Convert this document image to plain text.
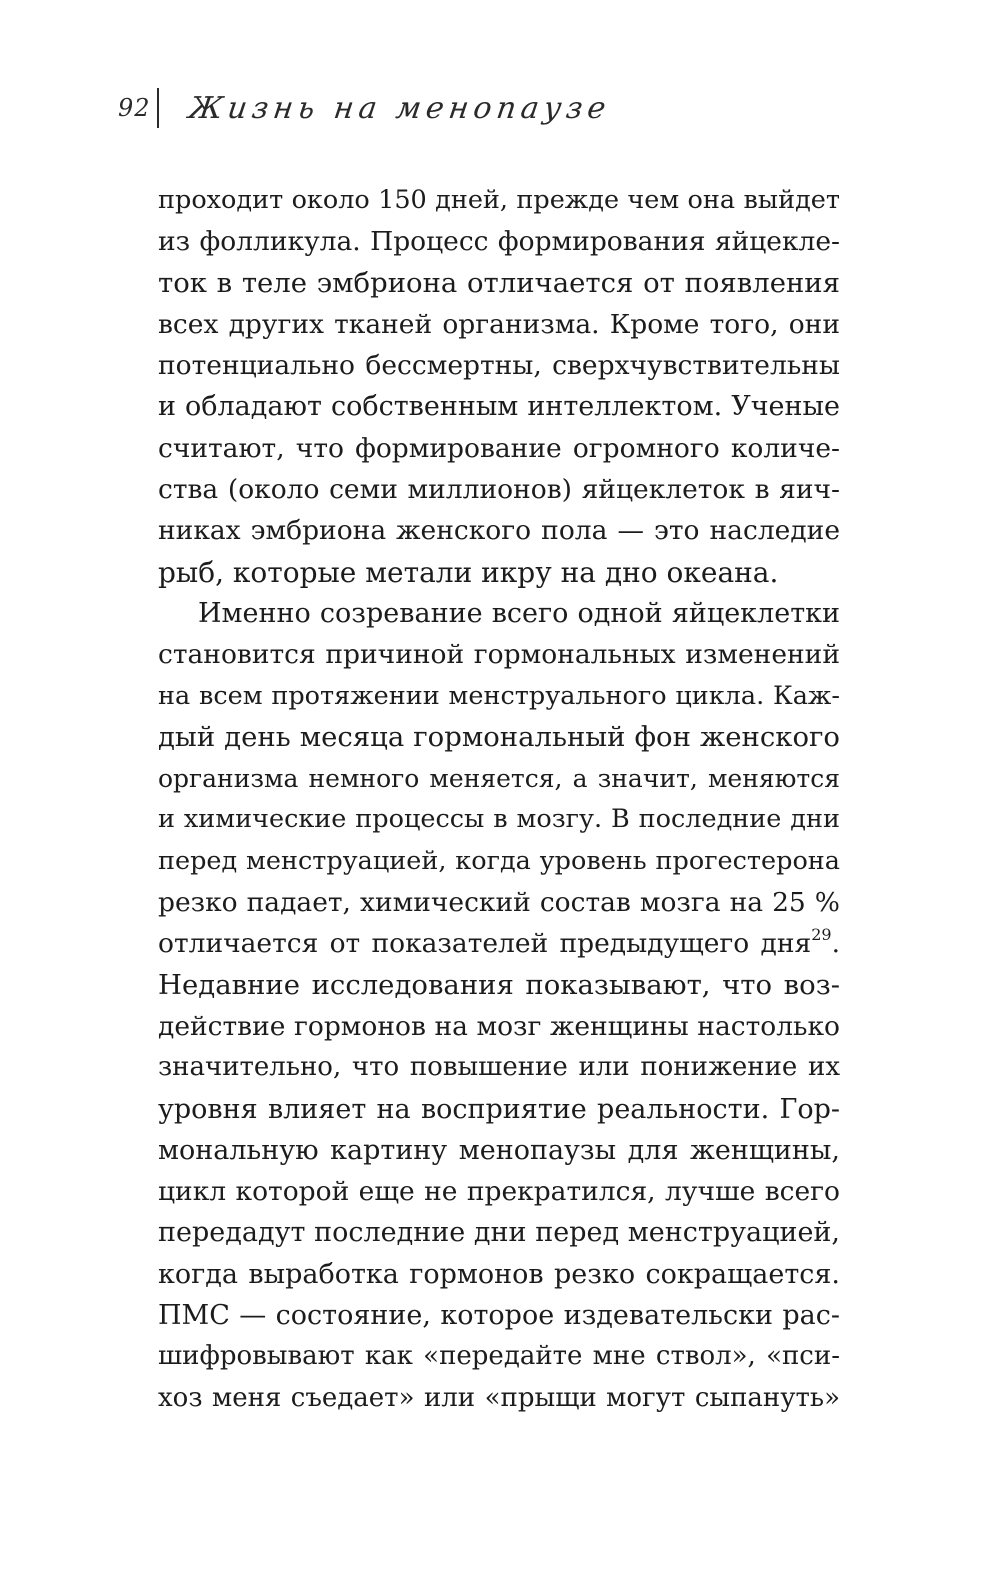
92 Жизнь на менопаузе
проходит около 150 дней, прежде чем она выйдет
из фолликула. Процесс формирования яйцекле-
ток в теле эмбриона отличается от появления
всех других тканей организма. Кроме того, они
потенциально бессмертны, сверхчувствительны
и обладают собственным интеллектом. Ученые
считают, что формирование огромного количе-
ства (около семи миллионов) яйцеклеток в яич-
никах эмбриона женского пола — это наследие
рыб, которые метали икру на дно океана.
Именно созревание всего одной яйцеклетки
становится причиной гормональных изменений
на всем протяжении менструального цикла. Каж-
дый день месяца гормональный фон женского
организма немного меняется, а значит, меняются
и химические процессы в мозгу. В последние дни
перед менструацией, когда уровень прогестерона
резко падает, химический состав мозга на 25 %
отличается от показателей предыдущего дня$^{29}$.
Недавние исследования показывают, что воз-
действие гормонов на мозг женщины настолько
значительно, что повышение или понижение их
уровня влияет на восприятие реальности. Гор-
мональную картину менопаузы для женщины,
цикл которой еще не прекратился, лучше всего
передадут последние дни перед менструацией,
когда выработка гормонов резко сокращается.
ПМС — состояние, которое издевательски рас-
шифровывают как «передайте мне ствол», «пси-
хоз меня съедает» или «прыщи могут сыпануть»
